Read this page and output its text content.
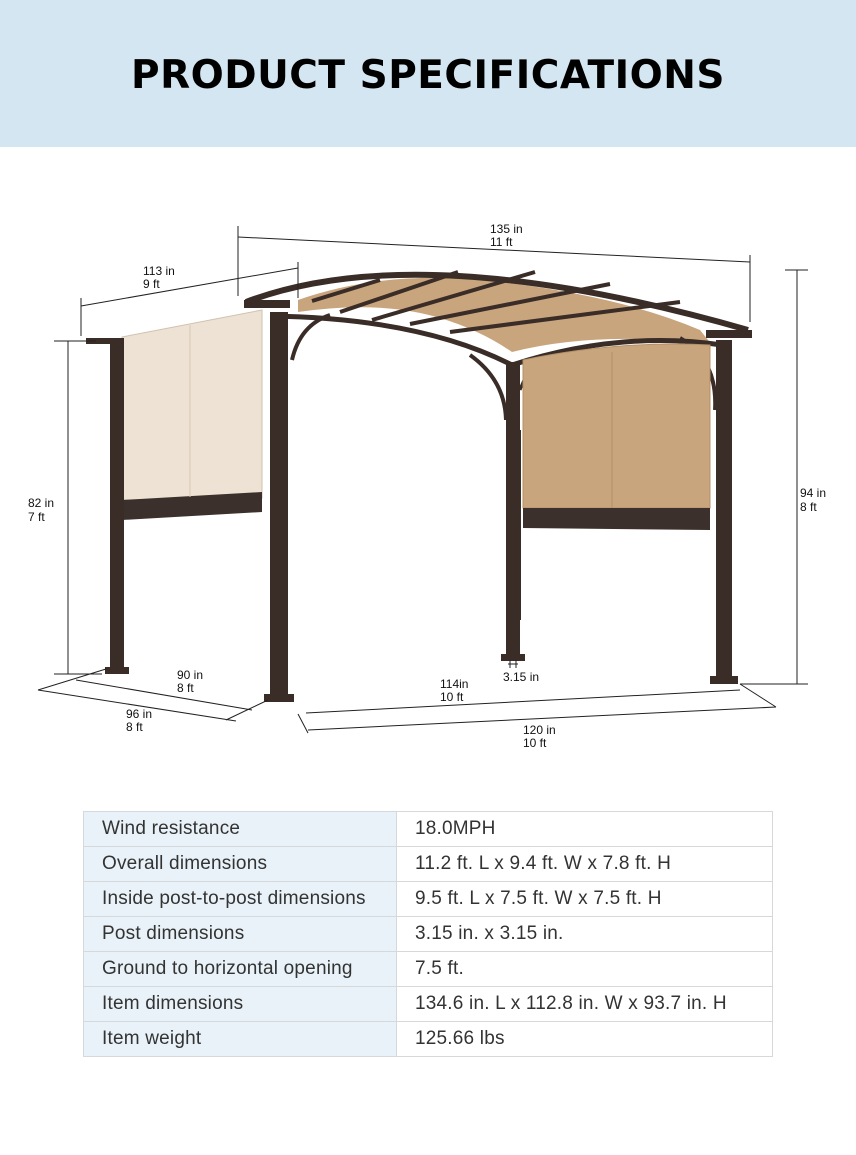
PRODUCT SPECIFICATIONS
135 in
11 ft
113 in
9 ft
82 in
7 ft
94 in
8 ft
90 in
8 ft
96 in
8 ft
114in
10 ft
3.15 in
120 in
10 ft
Wind resistance	18.0MPH
Overall dimensions	11.2 ft. L x 9.4 ft. W x 7.8 ft. H
Inside post-to-post dimensions	9.5 ft. L x 7.5 ft. W x 7.5 ft. H
Post dimensions	3.15 in. x 3.15 in.
Ground to horizontal opening	7.5 ft.
Item dimensions	134.6 in. L x 112.8 in. W x 93.7 in. H
Item weight	125.66 lbs
